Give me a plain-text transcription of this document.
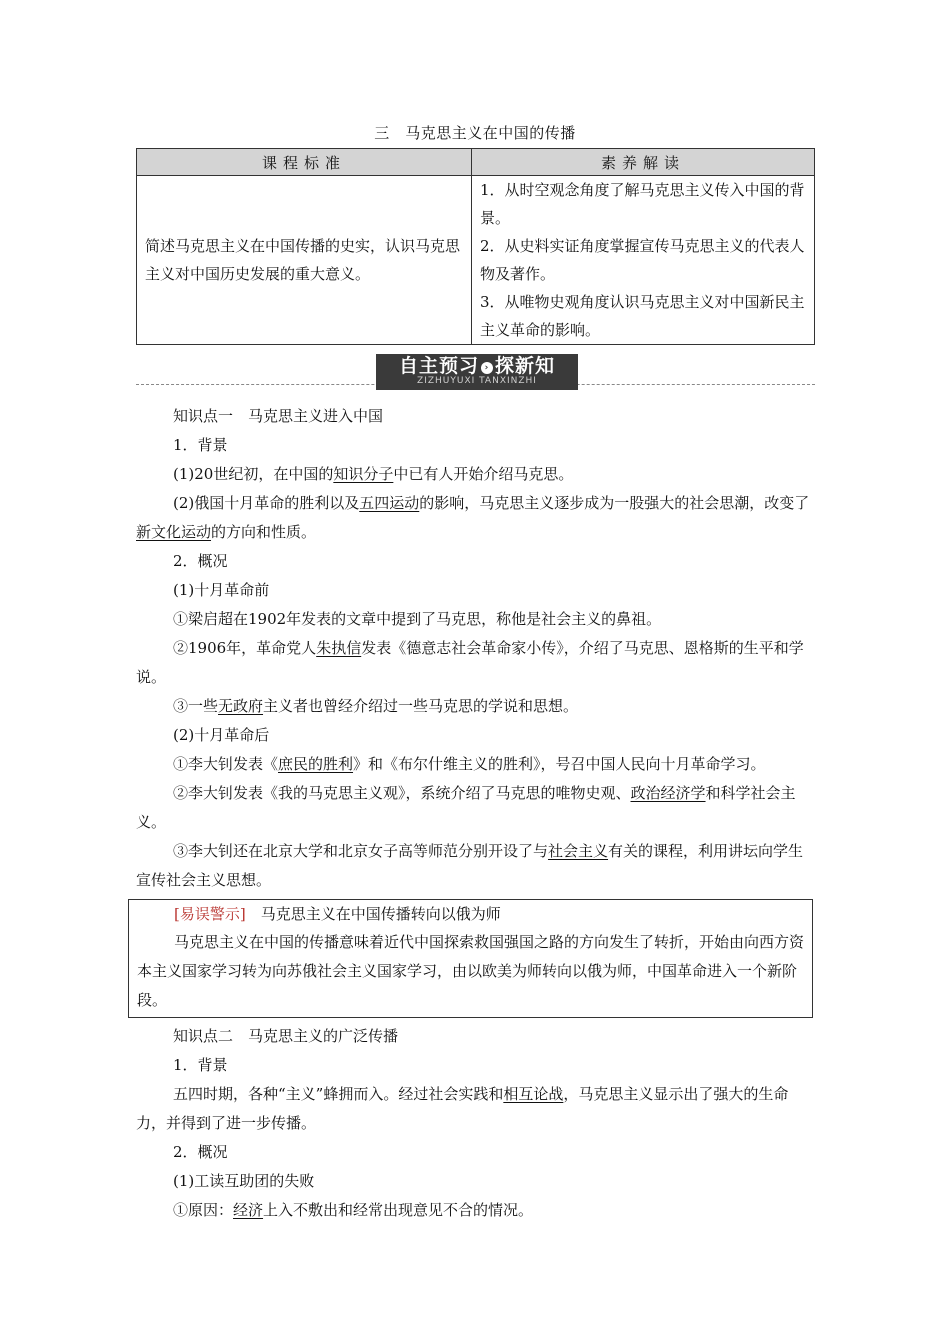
三　马克思主义在中国的传播
课程标准	素养解读
简述马克思主义在中国传播的史实，认识马克思主义对中国历史发展的重大意义。	1．从时空观念角度了解马克思主义传入中国的背景。
2．从史料实证角度掌握宣传马克思主义的代表人物及著作。
3．从唯物史观角度认识马克思主义对中国新民主主义革命的影响。
自主预习 › 探新知
ZIZHUYUXI TANXINZHI

知识点一　马克思主义进入中国

1．背景

(1)20世纪初，在中国的知识分子中已有人开始介绍马克思。

(2)俄国十月革命的胜利以及五四运动的影响，马克思主义逐步成为一股强大的社会思潮，改变了新文化运动的方向和性质。

2．概况

(1)十月革命前

①梁启超在1902年发表的文章中提到了马克思，称他是社会主义的鼻祖。

②1906年，革命党人朱执信发表《德意志社会革命家小传》，介绍了马克思、恩格斯的生平和学说。

③一些无政府主义者也曾经介绍过一些马克思的学说和思想。

(2)十月革命后

①李大钊发表《庶民的胜利》和《布尔什维主义的胜利》，号召中国人民向十月革命学习。

②李大钊发表《我的马克思主义观》，系统介绍了马克思的唯物史观、政治经济学和科学社会主义。

③李大钊还在北京大学和北京女子高等师范分别开设了与社会主义有关的课程，利用讲坛向学生宣传社会主义思想。

[易误警示]　 马克思主义在中国传播转向以俄为师

马克思主义在中国的传播意味着近代中国探索救国强国之路的方向发生了转折，开始由向西方资本主义国家学习转为向苏俄社会主义国家学习，由以欧美为师转向以俄为师，中国革命进入一个新阶段。

知识点二　马克思主义的广泛传播

1．背景

五四时期，各种“主义”蜂拥而入。经过社会实践和相互论战，马克思主义显示出了强大的生命力，并得到了进一步传播。

2．概况

(1)工读互助团的失败

①原因：经济上入不敷出和经常出现意见不合的情况。
